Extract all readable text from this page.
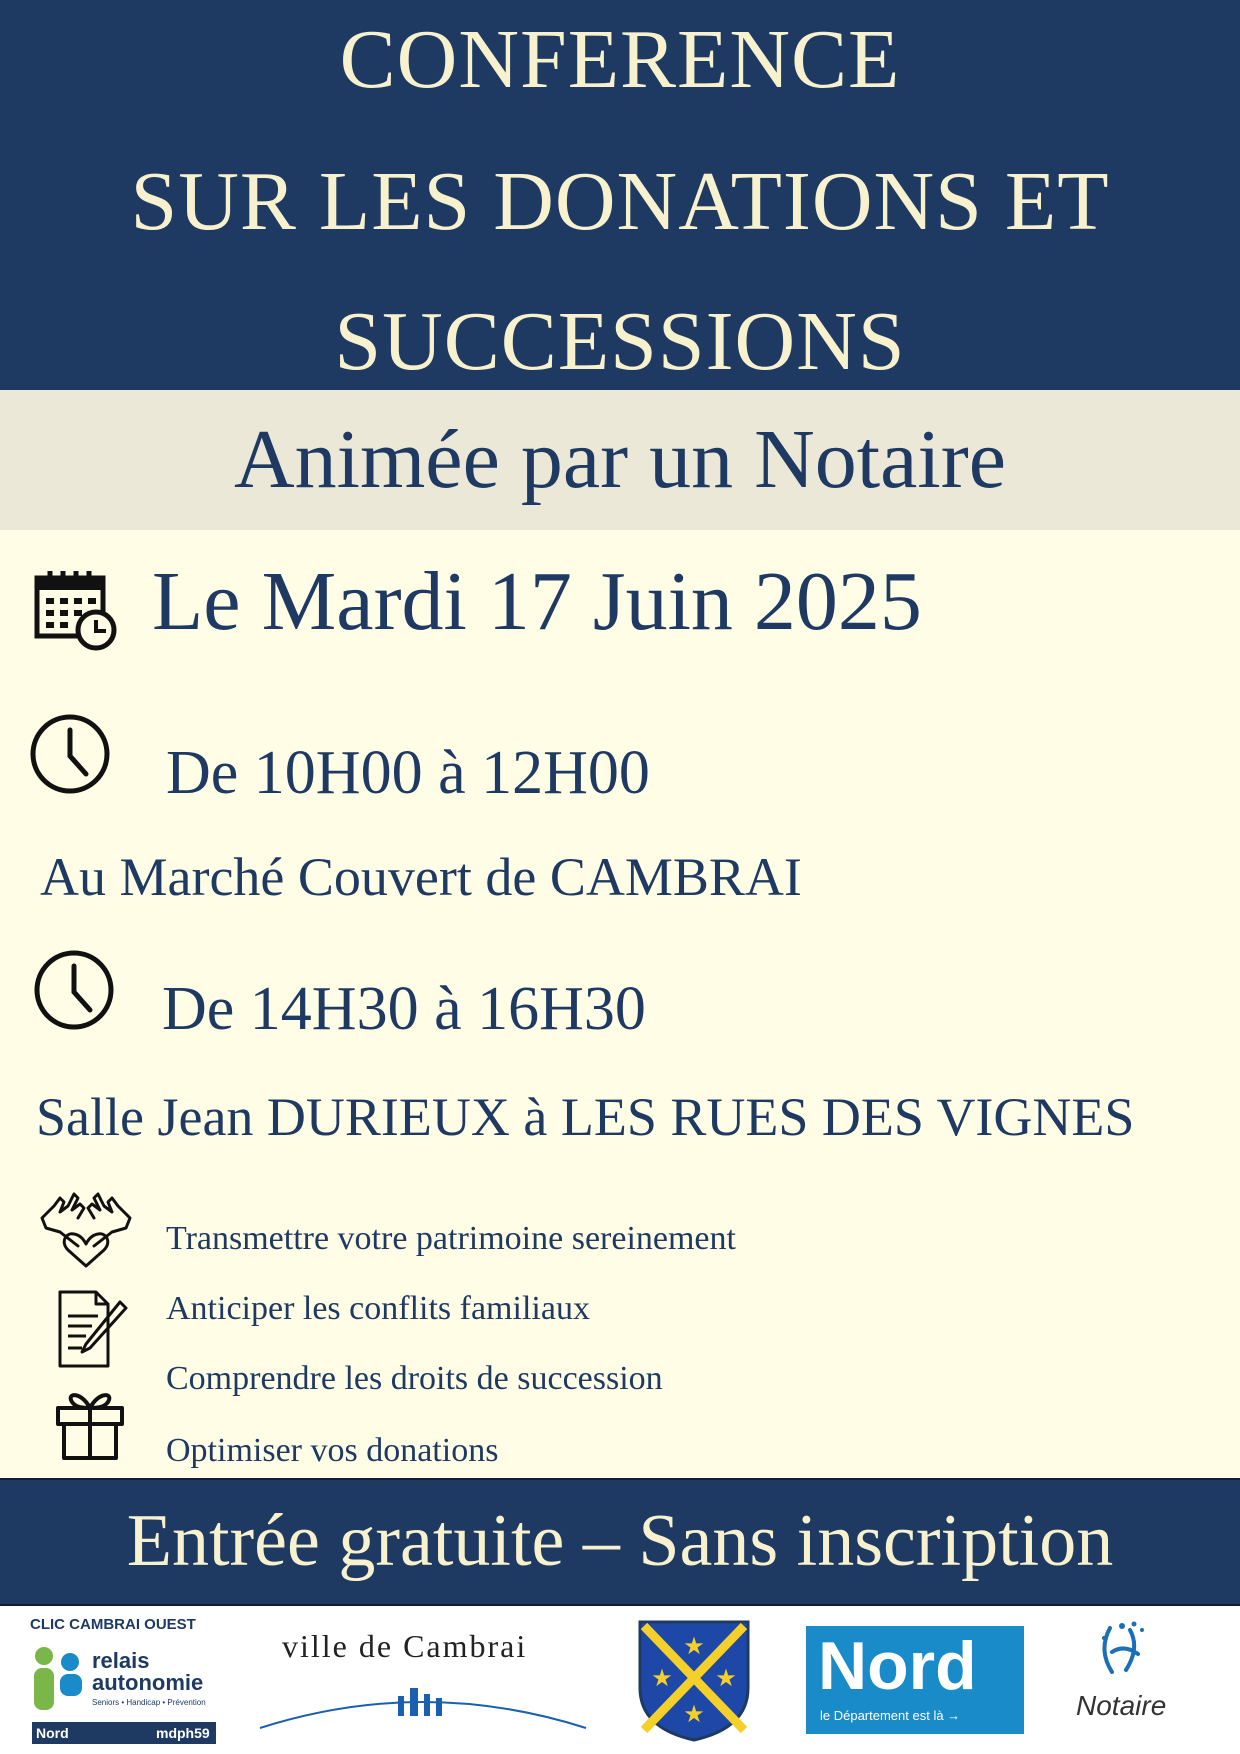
CONFERENCE
SUR LES DONATIONS ET
SUCCESSIONS
Animée par un Notaire
Le Mardi 17 Juin 2025
De 10H00 à 12H00
Au Marché Couvert de CAMBRAI
De 14H30 à 16H30
Salle Jean DURIEUX à LES RUES DES VIGNES
Transmettre votre patrimoine sereinement
Anticiper les conflits familiaux
Comprendre les droits de succession
Optimiser vos donations
Entrée gratuite – Sans inscription
CLIC CAMBRAI OUEST
relais
autonomie
Seniors • Handicap • Prévention
Nord	mdph59
ville de Cambrai	★
★ ★
★
Nord
le Département est là →	Notaire
